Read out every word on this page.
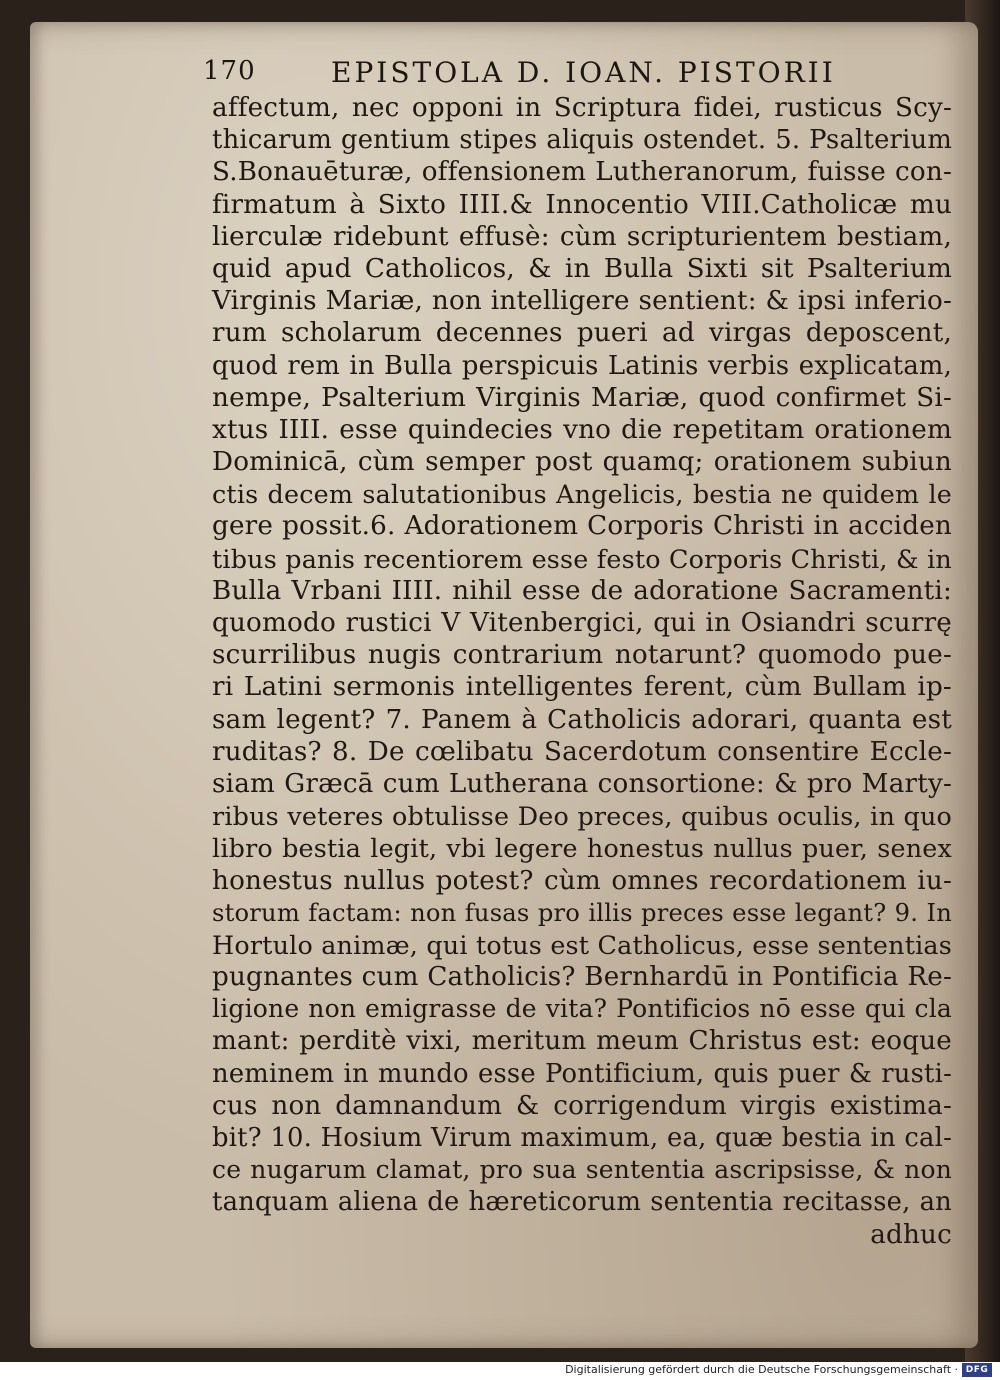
170	EPISTOLA D. IOAN. PISTORII
affectum, nec opponi in Scriptura fidei, rusticus Scy-
thicarum gentium stipes aliquis ostendet. 5. Psalterium
S.Bonauēturæ, offensionem Lutheranorum, fuisse con-
firmatum à Sixto IIII.& Innocentio VIII.Catholicæ mu
lierculæ ridebunt effusè: cùm scripturientem bestiam,
quid apud Catholicos, & in Bulla Sixti sit Psalterium
Virginis Mariæ, non intelligere sentient: & ipsi inferio-
rum scholarum decennes pueri ad virgas deposcent,
quod rem in Bulla perspicuis Latinis verbis explicatam,
nempe, Psalterium Virginis Mariæ, quod confirmet Si-
xtus IIII. esse quindecies vno die repetitam orationem
Dominicā, cùm semper post quamq; orationem subiun
ctis decem salutationibus Angelicis, bestia ne quidem le
gere possit.6. Adorationem Corporis Christi in acciden
tibus panis recentiorem esse festo Corporis Christi, & in
Bulla Vrbani IIII. nihil esse de adoratione Sacramenti:
quomodo rustici V Vitenbergici, qui in Osiandri scurrę
scurrilibus nugis contrarium notarunt? quomodo pue-
ri Latini sermonis intelligentes ferent, cùm Bullam ip-
sam legent? 7. Panem à Catholicis adorari, quanta est
ruditas? 8. De cœlibatu Sacerdotum consentire Eccle-
siam Græcā cum Lutherana consortione: & pro Marty-
ribus veteres obtulisse Deo preces, quibus oculis, in quo
libro bestia legit, vbi legere honestus nullus puer, senex
honestus nullus potest? cùm omnes recordationem iu-
storum factam: non fusas pro illis preces esse legant? 9. In
Hortulo animæ, qui totus est Catholicus, esse sententias
pugnantes cum Catholicis? Bernhardū in Pontificia Re-
ligione non emigrasse de vita? Pontificios nō esse qui cla
mant: perditè vixi, meritum meum Christus est: eoque
neminem in mundo esse Pontificium, quis puer & rusti-
cus non damnandum & corrigendum virgis existima-
bit? 10. Hosium Virum maximum, ea, quæ bestia in cal-
ce nugarum clamat, pro sua sententia ascripsisse, & non
tanquam aliena de hæreticorum sententia recitasse, an
adhuc
Digitalisierung gefördert durch die Deutsche Forschungsgemeinschaft · DFG
